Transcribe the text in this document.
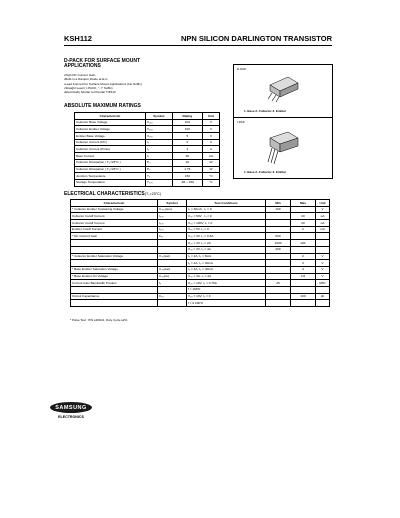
KSH112	NPN SILICON DARLINGTON TRANSISTOR
D-PACK FOR SURFACE MOUNT
APPLICATIONS
• High DC Current Gain
• Built-in a Damper Diode at E-C
• Lead Formed for Surface Mount Applications (No Suffix)
• Straight Lead ( I-PACK, "- I" Suffix)
• Electrically Similar to Popular TIP112
D-PAK
1. Base 2. Collector 3. Emitter
I-PAK
1. Base 2. Collector 3. Emitter
ABSOLUTE MAXIMUM RATINGS
Characteristic	Symbol	Rating	Unit
Collector Base Voltage	V₂₀₀	100	V
Collector Emitter Voltage	V₂₀₀	100	V
Emitter Base Voltage	V₂₀₀	5	V
Collector Current (DC)	I₀	2	A
Collector Current (Pulse)	I₀	4	A
Base Current	I₀	50	mA
Collector Dissipation ( T₀=25°C )	P₀	20	W
Collector Dissipation ( T₀=25°C )	P₀	1.75	W
Junction Temperature	T₀	150	°C
Storage Temperature	T₀₀₀	-65 ~ 150	°C
ELECTRICAL CHARACTERISTICS(T₀=25°C)
Characteristic	Symbol	Test Conditions	Min	Max	Unit
* Collector Emitter Sustaining Voltage	V₀₀₀(sus)	I₀ = 30mA , I₀ = 0	100		V
Collector Cutoff Current	I₀₀₀	V₀₀ = 50V , I₀ = 0		20	uA
Collector Cutoff Current	I₀₀₀	V₀₀ = 100V, I₀ = 0		20	uA
Emitter Cutoff Current	I₀₀₀	V₀₀ = 5V, I₀ = 0		2	mA
* DC Current Gain	h₀₀	V₀₀ = 3V, I₀ = 0.5A	500		
		V₀₀ = 3V, I₀ = 2A	1000	12K	
		V₀₀ = 3V, I₀ = 4A	200		
* Collector Emitter Saturation Voltage	V₀₀(sat)	I₀ = 2A, I₀ = 8mA		2	V
		I₀ = 4A, I₀ = 40mA		3	V
* Base Emitter Saturation Voltage	V₀₀(sat)	I₀ = 4A, I₀ = 40mA		4	V
* Base Emitter On Voltage	V₀₀(on)	V₀₀ = 3A, I₀ = 2A		2.8	V
Current Gain Bandwidth Product	f₀	V₀₀ = 10V, I₀ = 0.75A	25		MHz
		f = 1MHz			
Output Capacitance	C₀₀	V₀₀ = 10V, I₀ = 0		100	pF
		f = 0.1MHz			
* Pulse Test : PW ≤300uS, Duty Cycle ≤2%
SAMSUNG
ELECTRONICS
